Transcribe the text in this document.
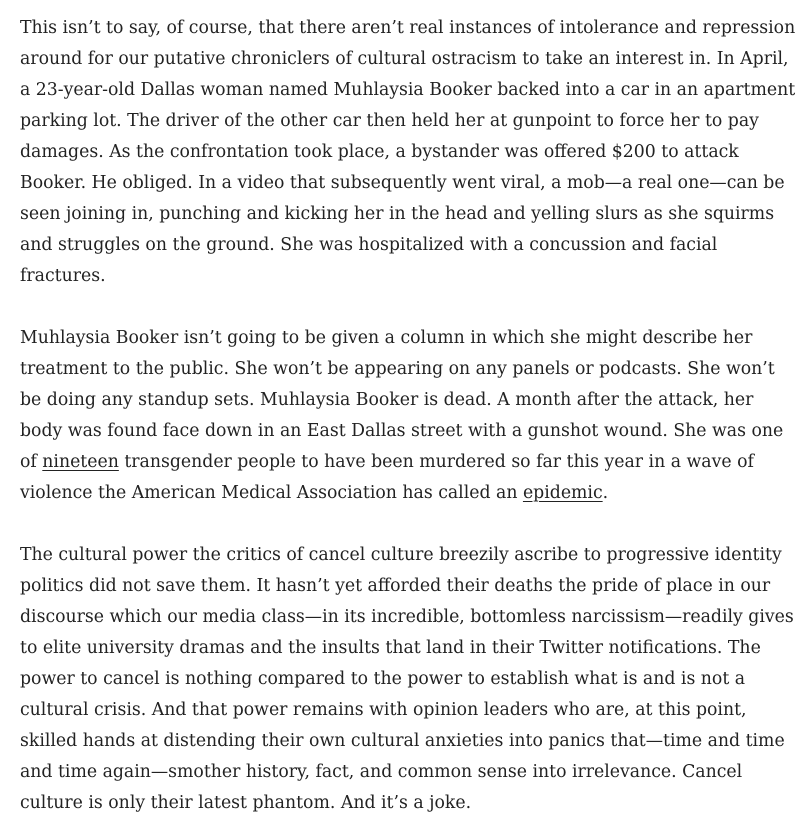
This isn’t to say, of course, that there aren’t real instances of intolerance and repression around for our putative chroniclers of cultural ostracism to take an interest in. In April, a 23-year-old Dallas woman named Muhlaysia Booker backed into a car in an apartment parking lot. The driver of the other car then held her at gunpoint to force her to pay damages. As the confrontation took place, a bystander was offered $200 to attack Booker. He obliged. In a video that subsequently went viral, a mob—a real one—can be seen joining in, punching and kicking her in the head and yelling slurs as she squirms and struggles on the ground. She was hospitalized with a concussion and facial fractures.

Muhlaysia Booker isn’t going to be given a column in which she might describe her treatment to the public. She won’t be appearing on any panels or podcasts. She won’t be doing any standup sets. Muhlaysia Booker is dead. A month after the attack, her body was found face down in an East Dallas street with a gunshot wound. She was one of nineteen transgender people to have been murdered so far this year in a wave of violence the American Medical Association has called an epidemic.

The cultural power the critics of cancel culture breezily ascribe to progressive identity politics did not save them. It hasn’t yet afforded their deaths the pride of place in our discourse which our media class—in its incredible, bottomless narcissism—readily gives to elite university dramas and the insults that land in their Twitter notifications. The power to cancel is nothing compared to the power to establish what is and is not a cultural crisis. And that power remains with opinion leaders who are, at this point, skilled hands at distending their own cultural anxieties into panics that—time and time and time again—smother history, fact, and common sense into irrelevance. Cancel culture is only their latest phantom. And it’s a joke.
